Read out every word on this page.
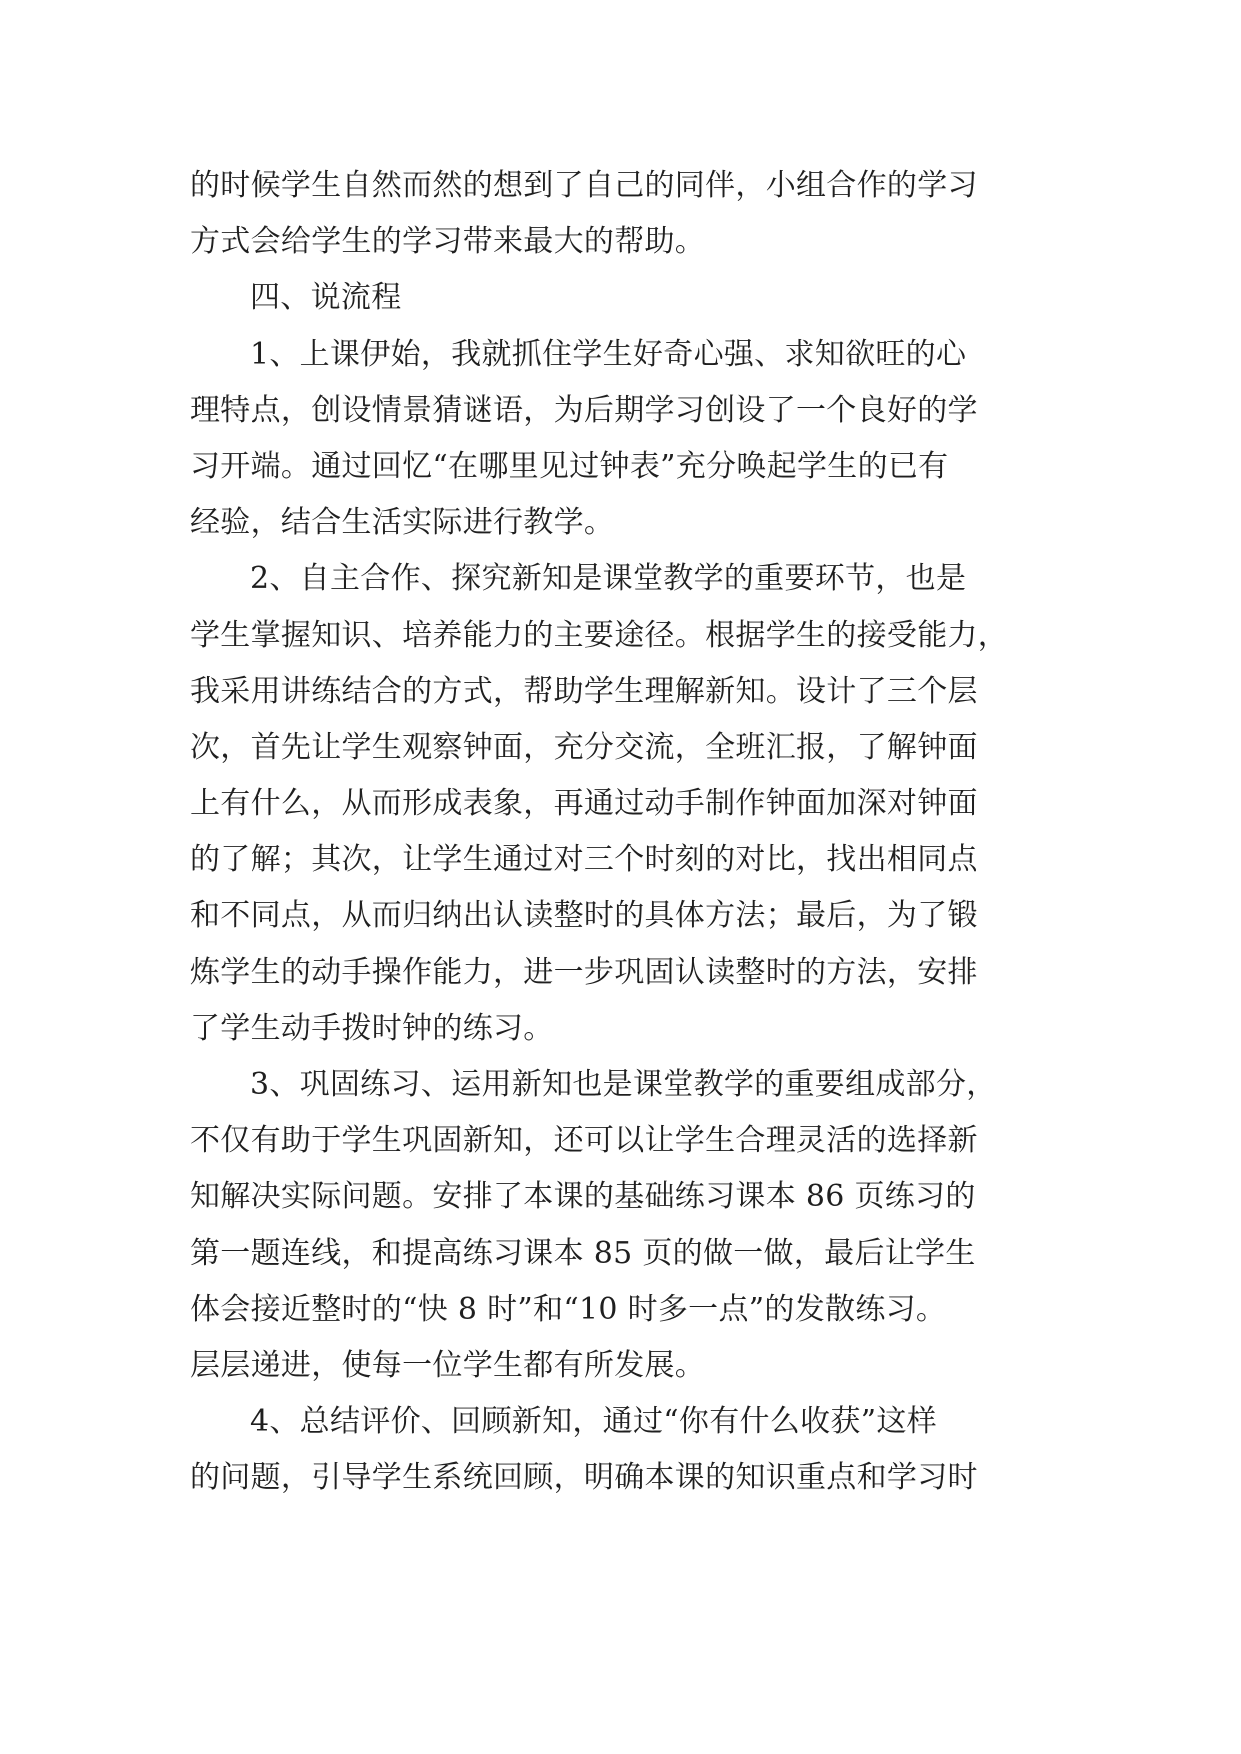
的时候学生自然而然的想到了自己的同伴，小组合作的学习
方式会给学生的学习带来最大的帮助。
四、说流程
1、上课伊始，我就抓住学生好奇心强、求知欲旺的心
理特点，创设情景猜谜语，为后期学习创设了一个良好的学
习开端。通过回忆“在哪里见过钟表”充分唤起学生的已有
经验，结合生活实际进行教学。
2、自主合作、探究新知是课堂教学的重要环节，也是
学生掌握知识、培养能力的主要途径。根据学生的接受能力，
我采用讲练结合的方式，帮助学生理解新知。设计了三个层
次，首先让学生观察钟面，充分交流，全班汇报，了解钟面
上有什么，从而形成表象，再通过动手制作钟面加深对钟面
的了解；其次，让学生通过对三个时刻的对比，找出相同点
和不同点，从而归纳出认读整时的具体方法；最后，为了锻
炼学生的动手操作能力，进一步巩固认读整时的方法，安排
了学生动手拨时钟的练习。
3、巩固练习、运用新知也是课堂教学的重要组成部分，
不仅有助于学生巩固新知，还可以让学生合理灵活的选择新
知解决实际问题。安排了本课的基础练习课本 86 页练习的
第一题连线，和提高练习课本 85 页的做一做，最后让学生
体会接近整时的“快 8 时”和“10 时多一点”的发散练习。
层层递进，使每一位学生都有所发展。
4、总结评价、回顾新知，通过“你有什么收获”这样
的问题，引导学生系统回顾，明确本课的知识重点和学习时
